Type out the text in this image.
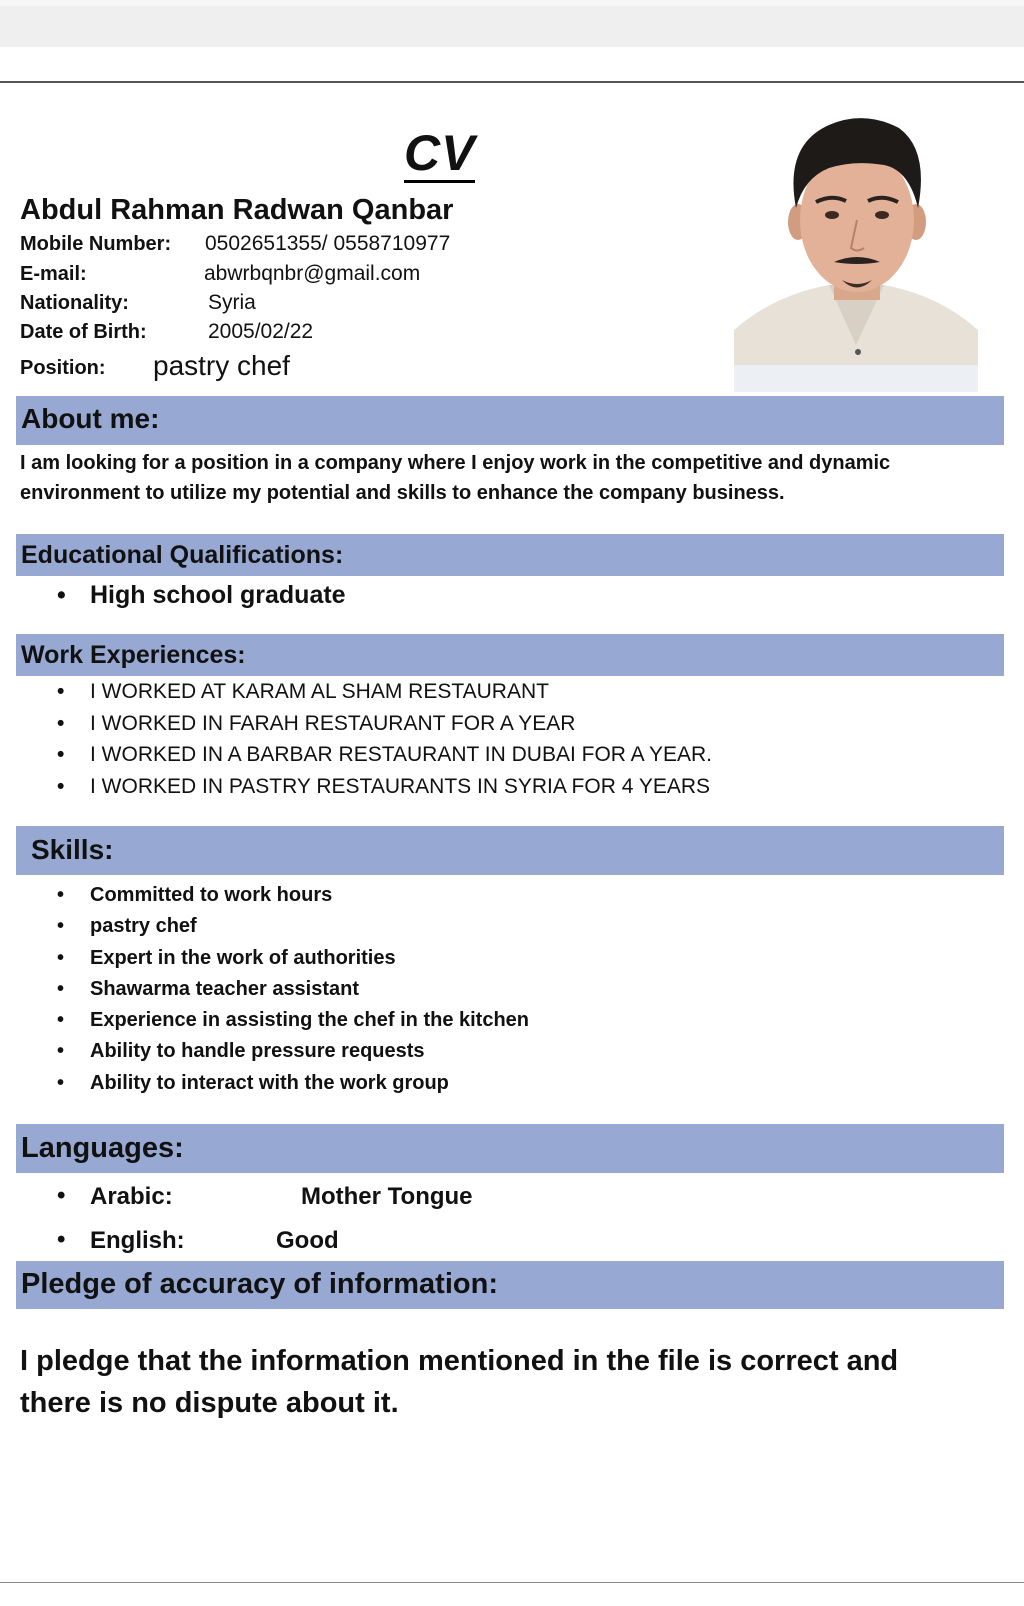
CV
Abdul Rahman Radwan Qanbar
Mobile Number: 0502651355/ 0558710977
E-mail:	abwrbqnbr@gmail.com
Nationality:	Syria
Date of Birth:	2005/02/22
Position: pastry chef
About me:
I am looking for a position in a company where I enjoy work in the competitive and dynamic environment to utilize my potential and skills to enhance the company business.
Educational Qualifications:
• High school graduate
Work Experiences:
• I WORKED AT KARAM AL SHAM RESTAURANT
• I WORKED IN FARAH RESTAURANT FOR A YEAR
• I WORKED IN A BARBAR RESTAURANT IN DUBAI FOR A YEAR.
• I WORKED IN PASTRY RESTAURANTS IN SYRIA FOR 4 YEARS
Skills:
• Committed to work hours
• pastry chef
• Expert in the work of authorities
• Shawarma teacher assistant
• Experience in assisting the chef in the kitchen
• Ability to handle pressure requests
• Ability to interact with the work group
Languages:
• Arabic:	Mother Tongue
• English:	Good
Pledge of accuracy of information:
I pledge that the information mentioned in the file is correct and
there is no dispute about it.
